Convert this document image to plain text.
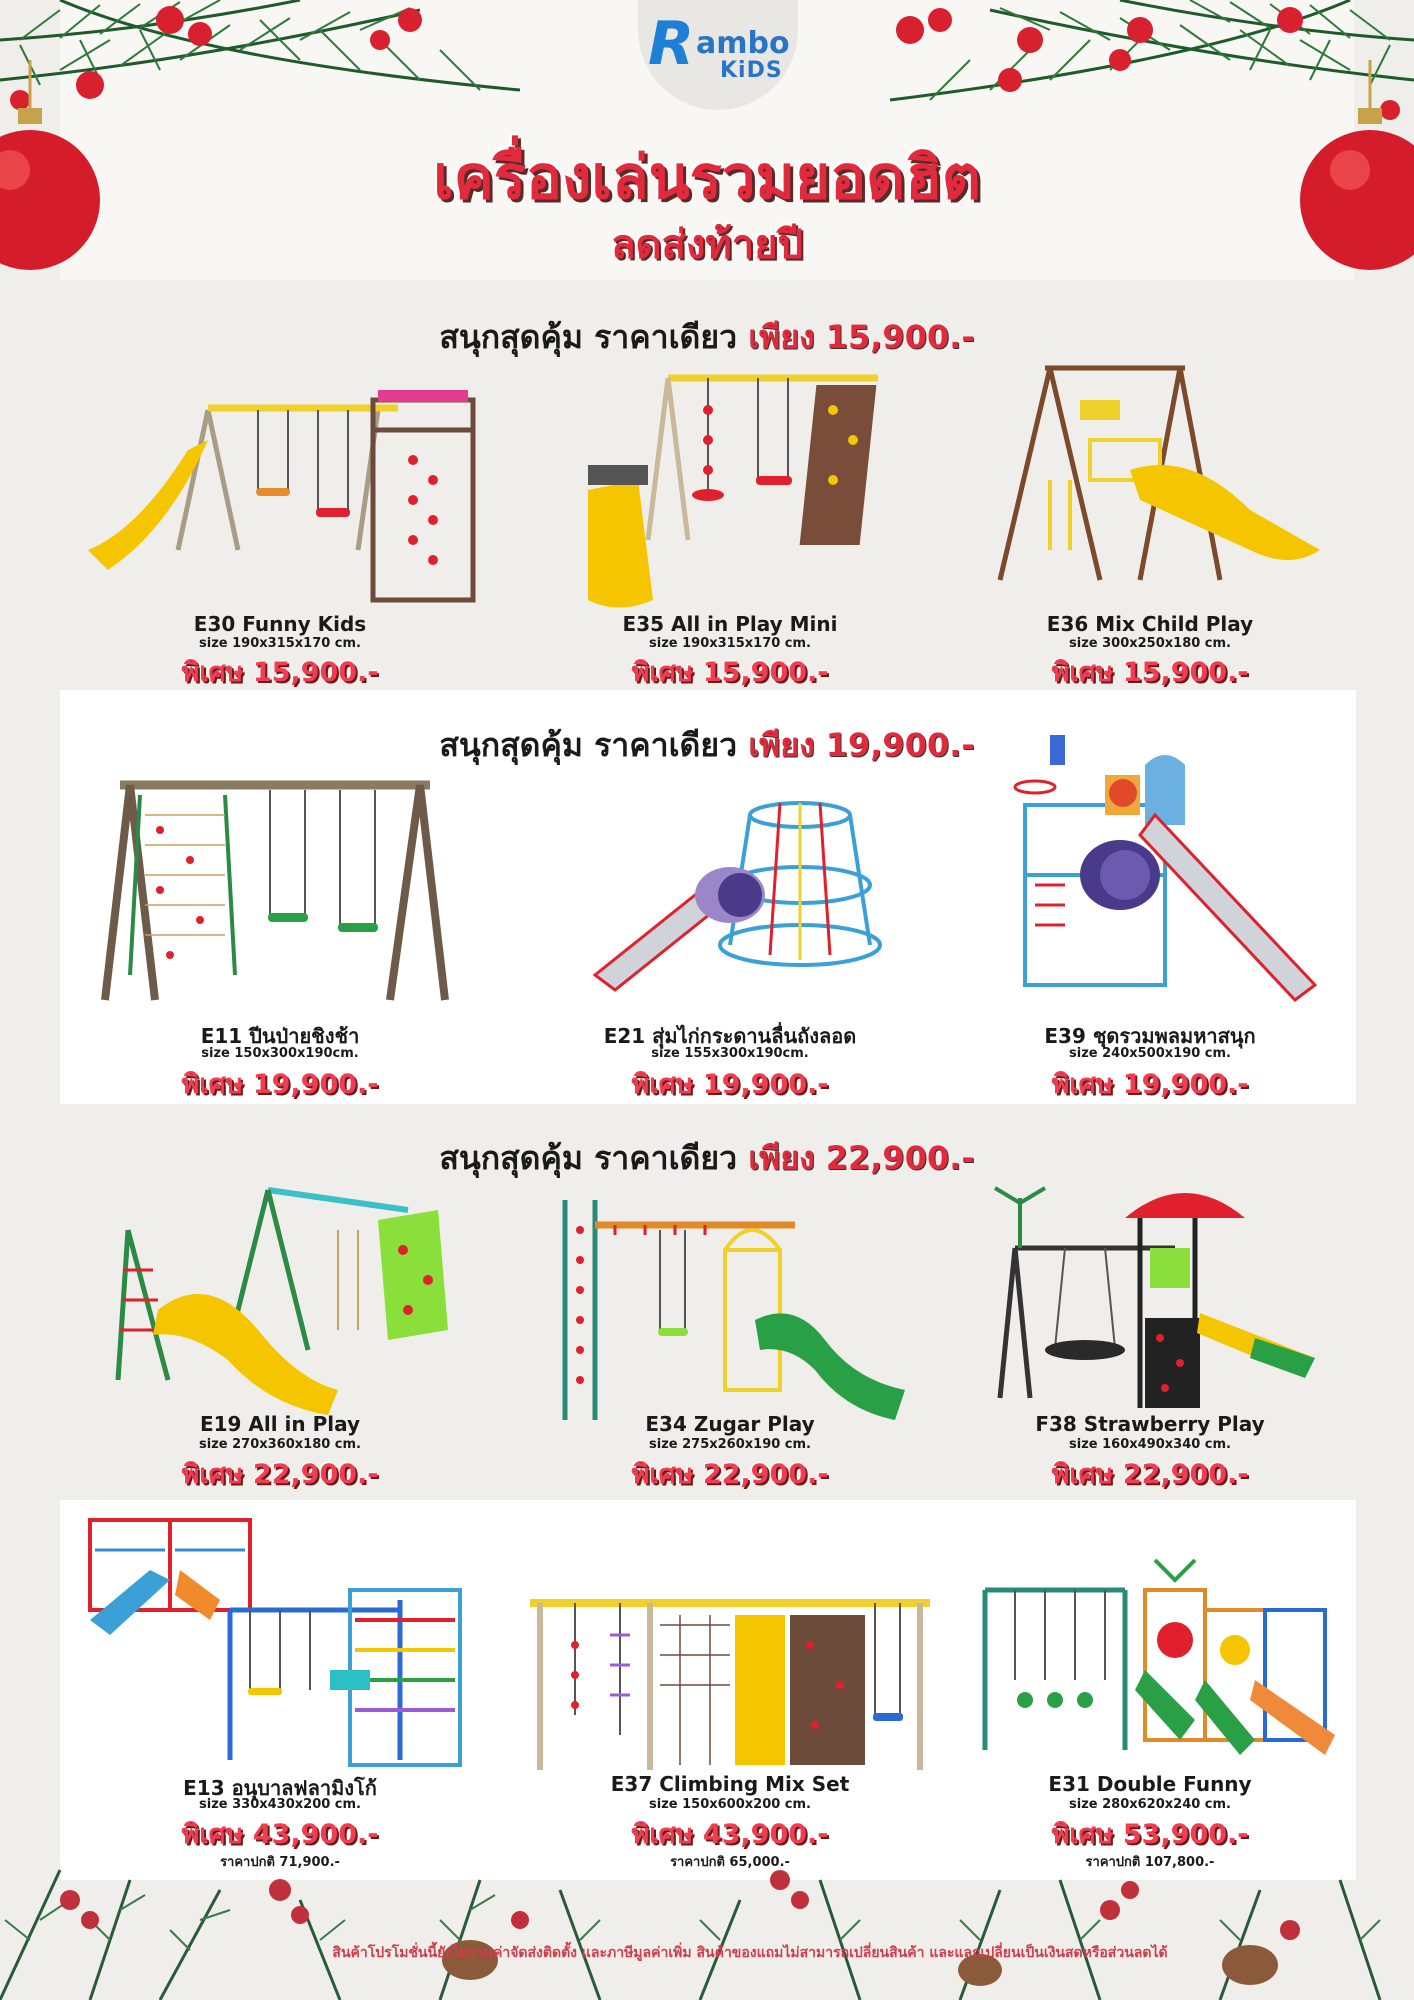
R ambo
KiDS
เครื่องเล่นรวมยอดฮิต
ลดส่งท้ายปี
สนุกสุดคุ้ม ราคาเดียว เพียง 15,900.-
สนุกสุดคุ้ม ราคาเดียว เพียง 19,900.-
สนุกสุดคุ้ม ราคาเดียว เพียง 22,900.-
E30 Funny Kids
size 190x315x170 cm.
พิเศษ 15,900.-
E35 All in Play Mini
size 190x315x170 cm.
พิเศษ 15,900.-
E36 Mix Child Play
size 300x250x180 cm.
พิเศษ 15,900.-
E11 ปีนป่ายชิงช้า
size 150x300x190cm.
พิเศษ 19,900.-
E21 สุ่มไก่กระดานลื่นถังลอด
size 155x300x190cm.
พิเศษ 19,900.-
E39 ชุดรวมพลมหาสนุก
size 240x500x190 cm.
พิเศษ 19,900.-
E19 All in Play
size 270x360x180 cm.
พิเศษ 22,900.-
E34 Zugar Play
size 275x260x190 cm.
พิเศษ 22,900.-
F38 Strawberry Play
size 160x490x340 cm.
พิเศษ 22,900.-
E13 อนุบาลฟลามิงโก้
size 330x430x200 cm.
พิเศษ 43,900.-
ราคาปกติ 71,900.-
E37 Climbing Mix Set
size 150x600x200 cm.
พิเศษ 43,900.-
ราคาปกติ 65,000.-
E31 Double Funny
size 280x620x240 cm.
พิเศษ 53,900.-
ราคาปกติ 107,800.-
สินค้าโปรโมชั่นนี้ยังไม่รวมค่าจัดส่งติดตั้ง และภาษีมูลค่าเพิ่ม สินค้าของแถมไม่สามารถเปลี่ยนสินค้า และแลกเปลี่ยนเป็นเงินสดหรือส่วนลดได้
